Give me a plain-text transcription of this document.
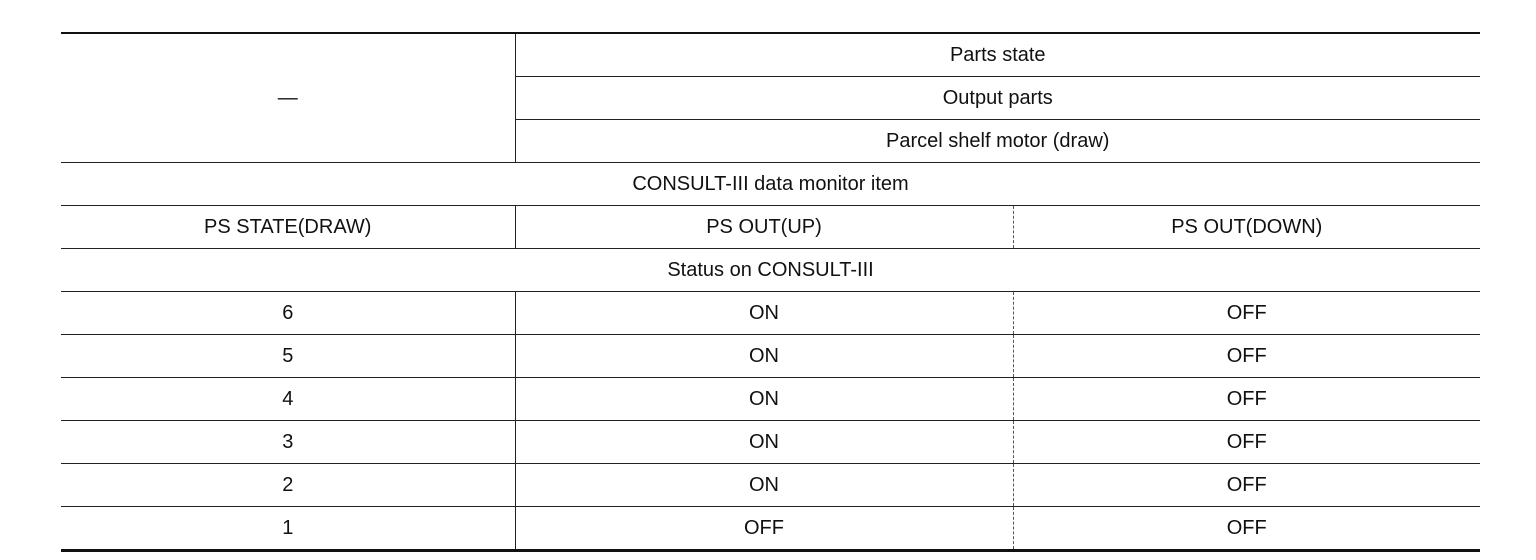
—	Parts state	
	Output parts	
	Parcel shelf motor (draw)	
CONSULT-III data monitor item		
PS STATE(DRAW)	PS OUT(UP)	PS OUT(DOWN)
Status on CONSULT-III		
6	ON	OFF
5	ON	OFF
4	ON	OFF
3	ON	OFF
2	ON	OFF
1	OFF	OFF
